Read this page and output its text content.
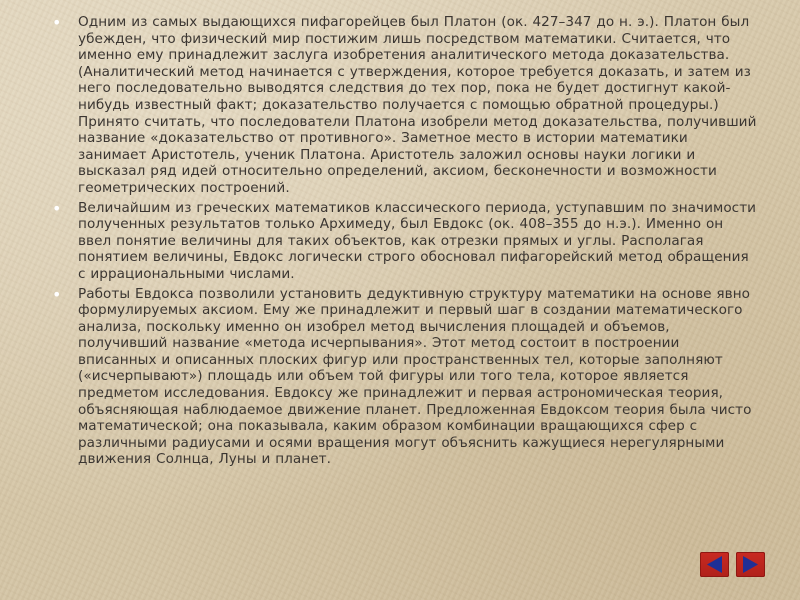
• Одним из самых выдающихся пифагорейцев был Платон (ок. 427–347 до н. э.). Платон был убежден, что физический мир постижим лишь посредством математики. Считается, что именно ему принадлежит заслуга изобретения аналитического метода доказательства. (Аналитический метод начинается с утверждения, которое требуется доказать, и затем из него последовательно выводятся следствия до тех пор, пока не будет достигнут какой-нибудь известный факт; доказательство получается с помощью обратной процедуры.) Принято считать, что последователи Платона изобрели метод доказательства, получивший название «доказательство от противного». Заметное место в истории математики занимает Аристотель, ученик Платона. Аристотель заложил основы науки логики и высказал ряд идей относительно определений, аксиом, бесконечности и возможности геометрических построений.
• Величайшим из греческих математиков классического периода, уступавшим по значимости полученных результатов только Архимеду, был Евдокс (ок. 408–355 до н.э.). Именно он ввел понятие величины для таких объектов, как отрезки прямых и углы. Располагая понятием величины, Евдокс логически строго обосновал пифагорейский метод обращения с иррациональными числами.
• Работы Евдокса позволили установить дедуктивную структуру математики на основе явно формулируемых аксиом. Ему же принадлежит и первый шаг в создании математического анализа, поскольку именно он изобрел метод вычисления площадей и объемов, получивший название «метода исчерпывания». Этот метод состоит в построении вписанных и описанных плоских фигур или пространственных тел, которые заполняют («исчерпывают») площадь или объем той фигуры или того тела, которое является предметом исследования. Евдоксу же принадлежит и первая астрономическая теория, объясняющая наблюдаемое движение планет. Предложенная Евдоксом теория была чисто математической; она показывала, каким образом комбинации вращающихся сфер с различными радиусами и осями вращения могут объяснить кажущиеся нерегулярными движения Солнца, Луны и планет.
